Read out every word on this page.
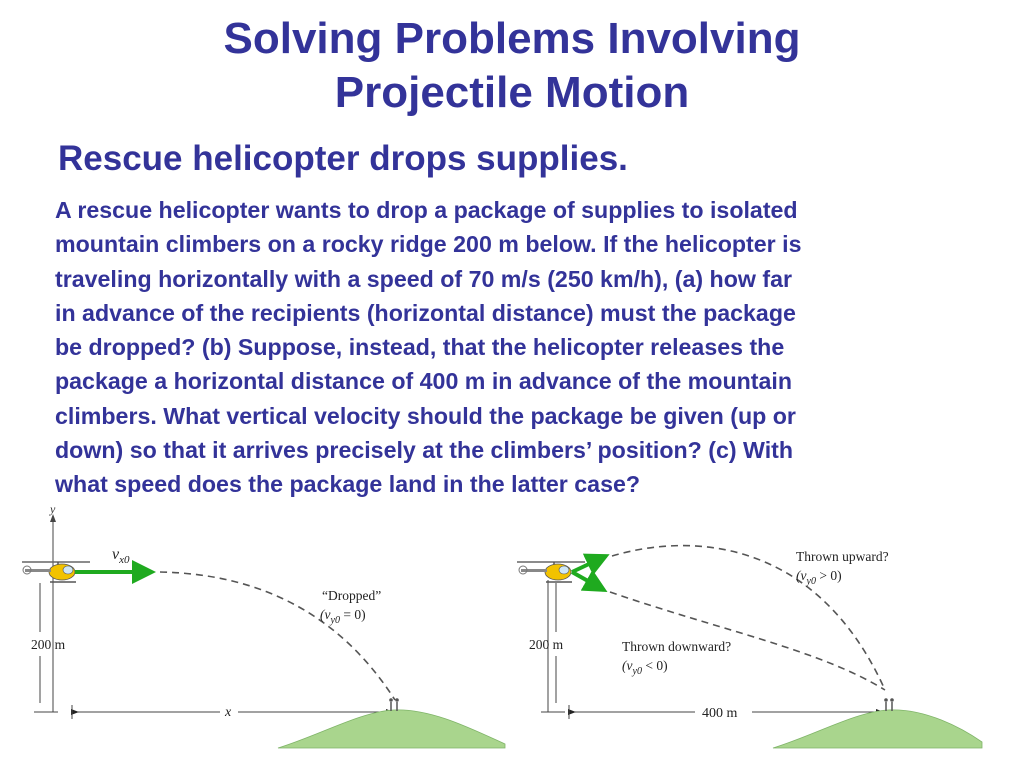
Solving Problems Involving
Projectile Motion
Rescue helicopter drops supplies.
A rescue helicopter wants to drop a package of supplies to isolated
mountain climbers on a rocky ridge 200 m below. If the helicopter is
traveling horizontally with a speed of 70 m/s (250 km/h), (a) how far
in advance of the recipients (horizontal distance) must the package
be dropped? (b) Suppose, instead, that the helicopter releases the
package a horizontal distance of 400 m in advance of the mountain
climbers. What vertical velocity should the package be given (up or
down) so that it arrives precisely at the climbers’ position? (c) With
what speed does the package land in the latter case?
y
200 m
$v_{x0}$
“Dropped”
$(v_{y0} = 0)$
x
200 m
Thrown upward?
$(v_{y0} > 0)$
Thrown downward?
$(v_{y0} < 0)$
400 m
